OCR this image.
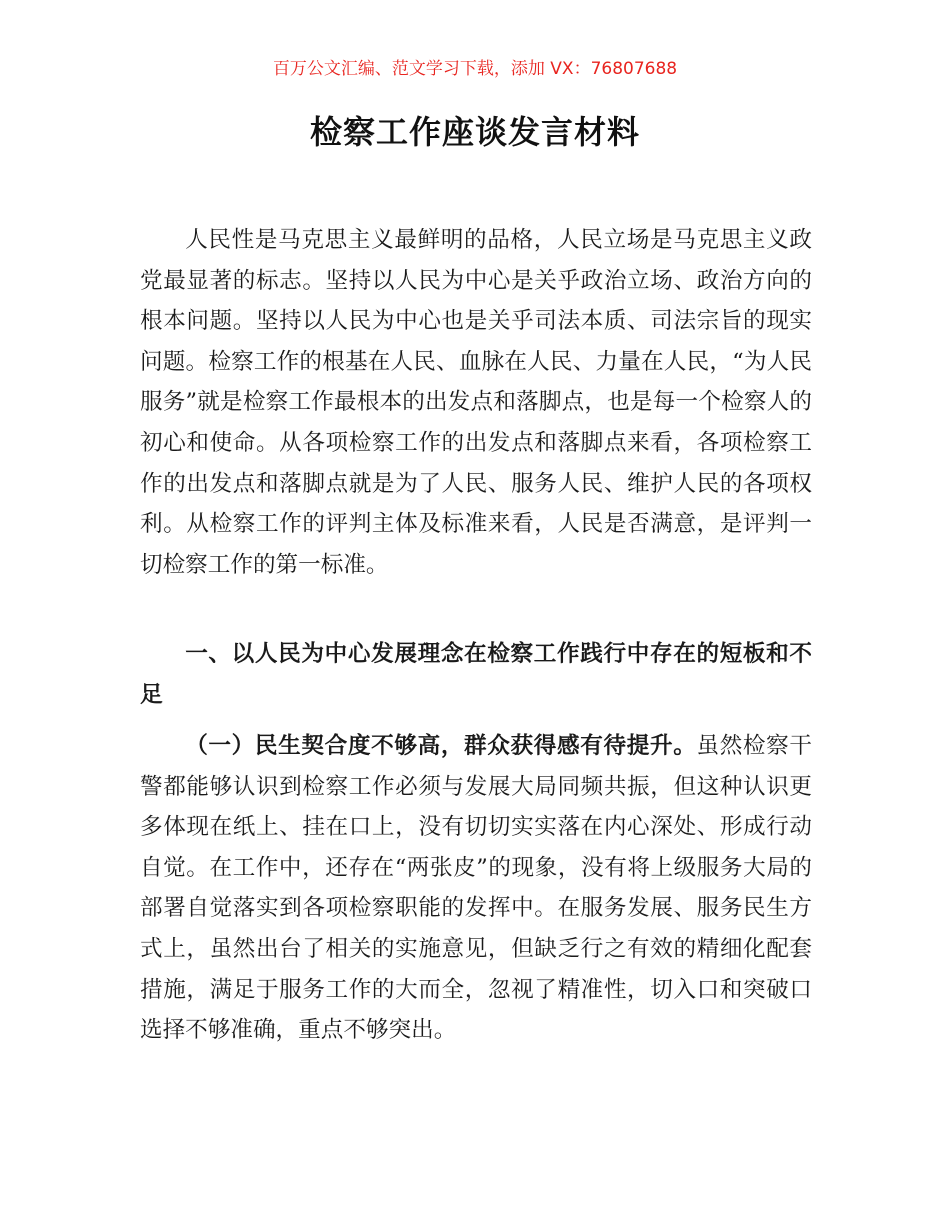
百万公文汇编、范文学习下载，添加 VX：76807688
检察工作座谈发言材料

人民性是马克思主义最鲜明的品格，人民立场是马克思主义政党最显著的标志。坚持以人民为中心是关乎政治立场、政治方向的根本问题。坚持以人民为中心也是关乎司法本质、司法宗旨的现实问题。检察工作的根基在人民、血脉在人民、力量在人民，“为人民服务”就是检察工作最根本的出发点和落脚点，也是每一个检察人的初心和使命。从各项检察工作的出发点和落脚点来看，各项检察工作的出发点和落脚点就是为了人民、服务人民、维护人民的各项权利。从检察工作的评判主体及标准来看，人民是否满意，是评判一切检察工作的第一标准。

一、以人民为中心发展理念在检察工作践行中存在的短板和不足

（一）民生契合度不够高，群众获得感有待提升。虽然检察干警都能够认识到检察工作必须与发展大局同频共振，但这种认识更多体现在纸上、挂在口上，没有切切实实落在内心深处、形成行动自觉。在工作中，还存在“两张皮”的现象，没有将上级服务大局的部署自觉落实到各项检察职能的发挥中。在服务发展、服务民生方式上，虽然出台了相关的实施意见，但缺乏行之有效的精细化配套措施，满足于服务工作的大而全，忽视了精准性，切入口和突破口选择不够准确，重点不够突出。
